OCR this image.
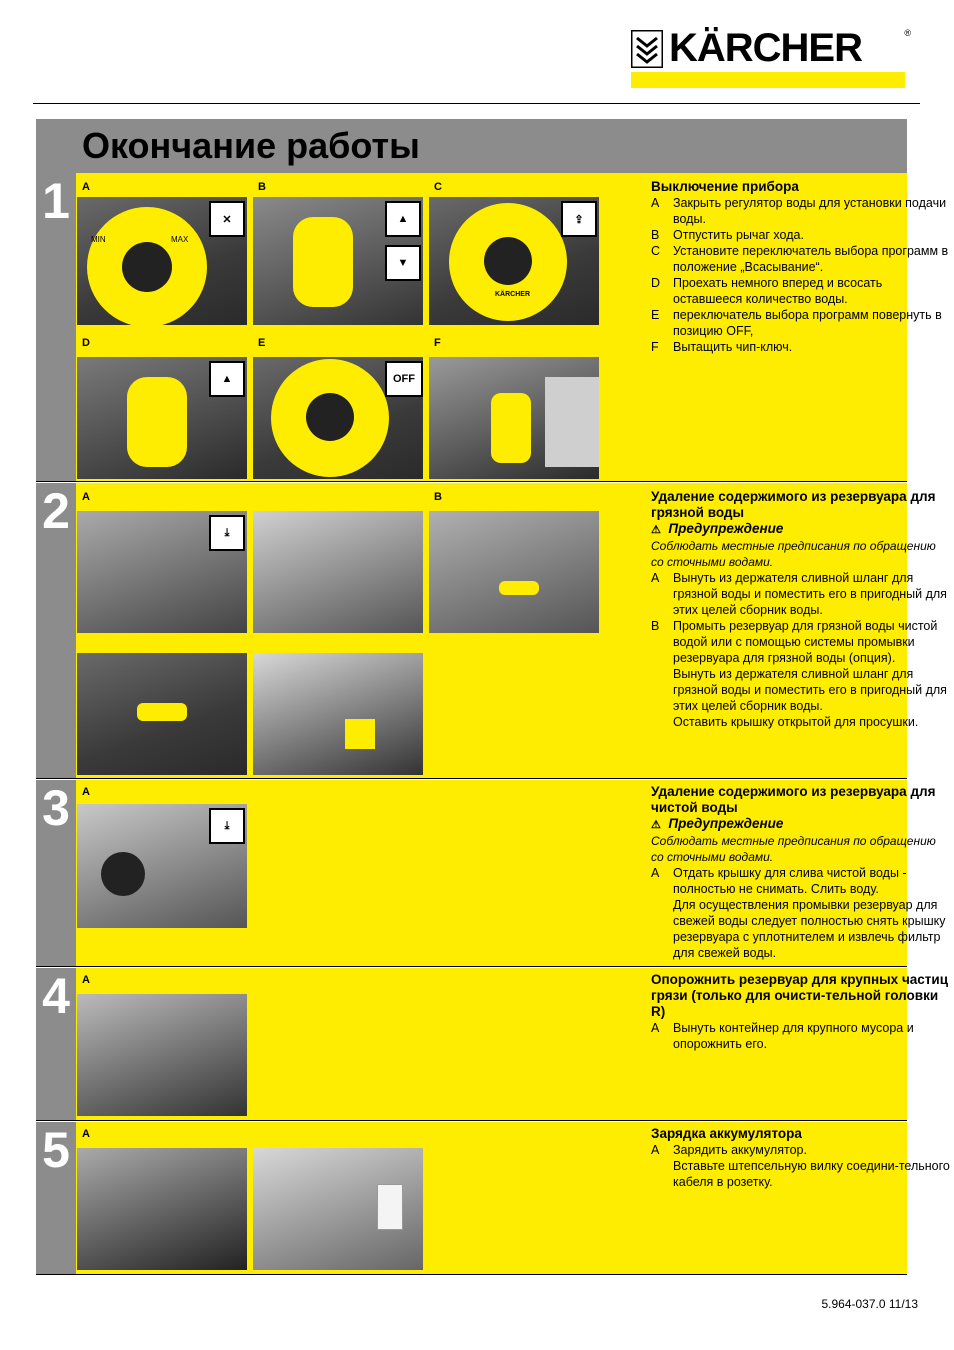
KÄRCHER	®
Окончание работы
1	A	B	C
D	E	F
MIN	MAX
✕	▲
▼
KÄRCHER
⇪
▲	OFF
Выключение прибора
A	Закрыть регулятор воды для установки подачи воды.
B	Отпустить рычаг хода.
C	Установите переключатель выбора программ в положение „Всасывание“.
D	Проехать немного вперед и всосать оставшееся количество воды.
E	переключатель выбора программ повернуть в позицию OFF,
F	Вытащить чип-ключ.
2	A	B
⤓
Удаление содержимого из резервуара для грязной воды
⚠ Предупреждение
Соблюдать местные предписания по обращению со сточными водами.
A	Вынуть из держателя сливной шланг для грязной воды и поместить его в пригодный для этих целей сборник воды.
B	Промыть резервуар для грязной воды чистой водой или с помощью системы промывки резервуара для грязной воды (опция).
Вынуть из держателя сливной шланг для грязной воды и поместить его в пригодный для этих целей сборник воды.
Оставить крышку открытой для просушки.
3	A
⤓
Удаление содержимого из резервуара для чистой воды
⚠ Предупреждение
Соблюдать местные предписания по обращению со сточными водами.
A	Отдать крышку для слива чистой воды - полностью не снимать. Слить воду.
Для осуществления промывки резервуар для свежей воды следует полностью снять крышку резервуара с уплотнителем и извлечь фильтр для свежей воды.
4	A	Опорожнить резервуар для крупных частиц грязи (только для очисти-тельной головки R)
A	Вынуть контейнер для крупного мусора и опорожнить его.
5	A	Зарядка аккумулятора
A	Зарядить аккумулятор.
Вставьте штепсельную вилку соедини-тельного кабеля в розетку.
5.964-037.0 11/13
